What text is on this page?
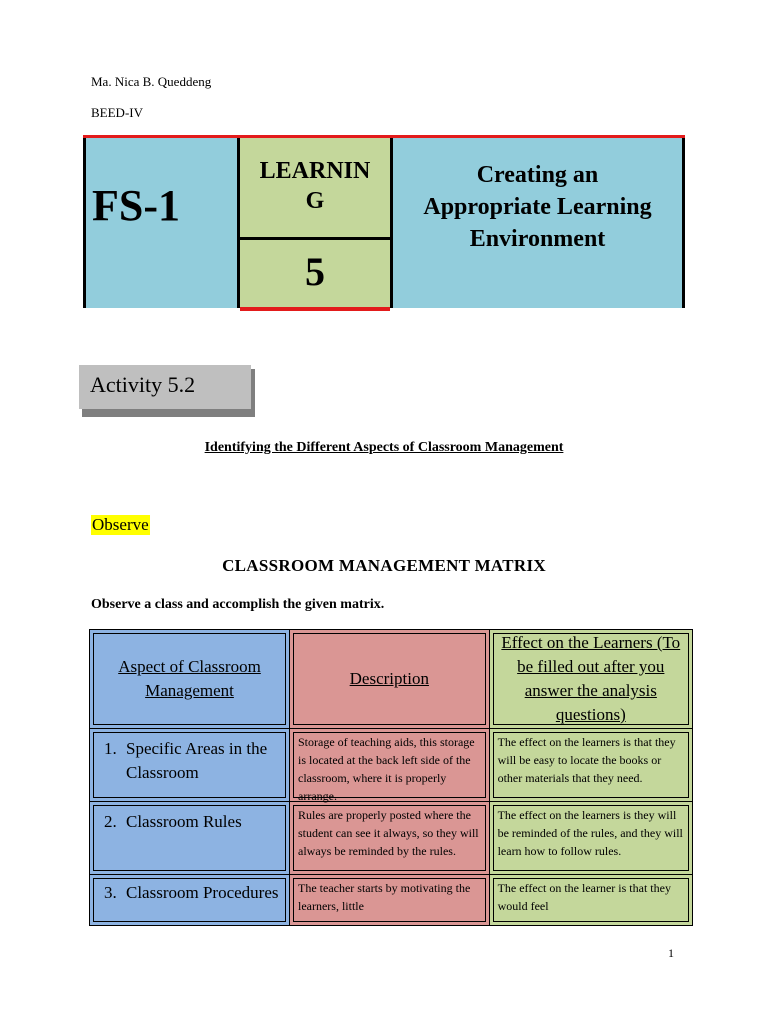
Ma. Nica B. Queddeng
BEED-IV
FS-1
LEARNIN
G
5
Creating an
Appropriate Learning
Environment
Activity 5.2
Identifying the Different Aspects of Classroom Management
Observe
CLASSROOM MANAGEMENT MATRIX
Observe a class and accomplish the given matrix.
Aspect of Classroom Management	Description	Effect on the Learners (To be filled out after you answer the analysis questions)

1. Specific Areas in the Classroom	Storage of teaching aids, this storage is located at the back left side of the classroom, where it is properly arrange.	The effect on the learners is that they will be easy to locate the books or other materials that they need.

2. Classroom Rules	Rules are properly posted where the student can see it always, so they will always be reminded by the rules.	The effect on the learners is they will be reminded of the rules, and they will learn how to follow rules.

3. Classroom Procedures	The teacher starts by motivating the learners, little	The effect on the learner is that they would feel
1
